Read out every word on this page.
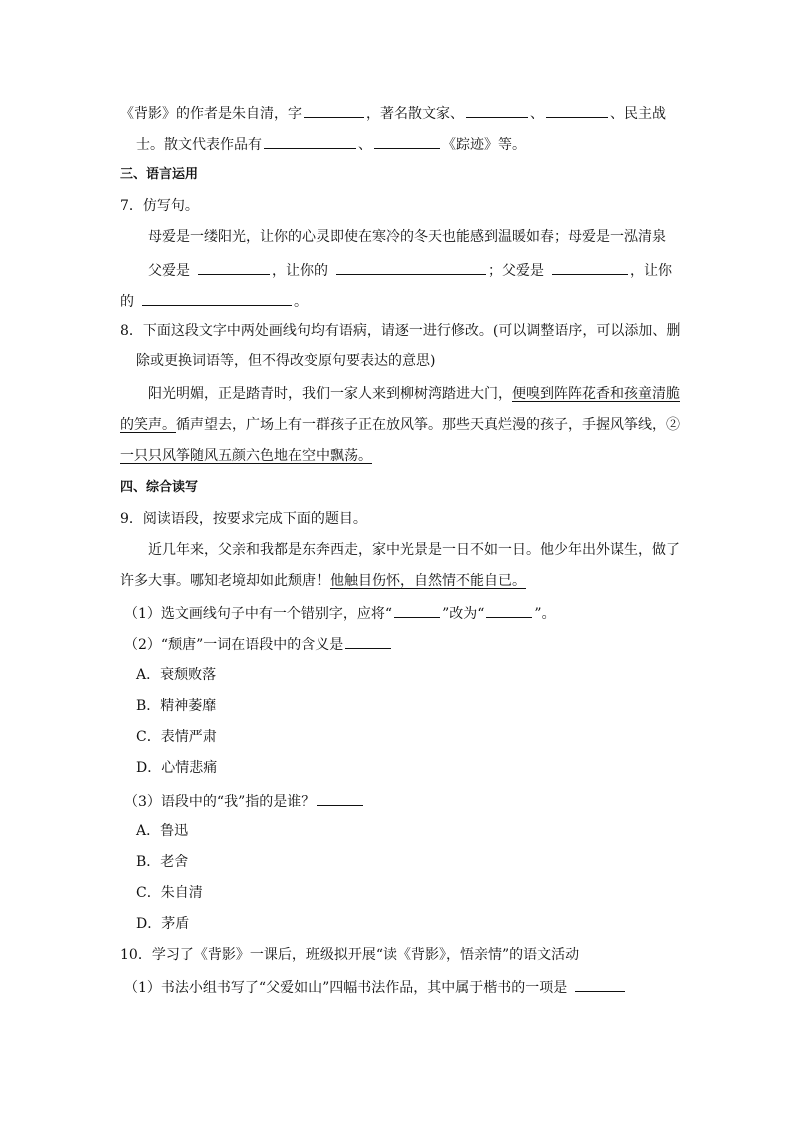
《背影》的作者是朱自清，字	，著名散文家、	、	、民主战
士。散文代表作品有	、	《踪迹》等。
三、语言运用
7．仿写句。
母爱是一缕阳光，让你的心灵即使在寒冷的冬天也能感到温暖如春；母爱是一泓清泉
父爱是	，让你的	；父爱是	，让你
的	。
8．下面这段文字中两处画线句均有语病，请逐一进行修改。(可以调整语序，可以添加、删
除或更换词语等，但不得改变原句要表达的意思)
阳光明媚，正是踏青时，我们一家人来到柳树湾踏进大门，便嗅到阵阵花香和孩童清脆
的笑声。循声望去，广场上有一群孩子正在放风筝。那些天真烂漫的孩子，手握风筝线，②
一只只风筝随风五颜六色地在空中飘荡。
四、综合读写
9．阅读语段，按要求完成下面的题目。
近几年来，父亲和我都是东奔西走，家中光景是一日不如一日。他少年出外谋生，做了
许多大事。哪知老境却如此颓唐！他触目伤怀，自然情不能自已。
（1）选文画线句子中有一个错别字，应将“	”改为“	”。
（2）“颓唐”一词在语段中的含义是
A．衰颓败落
B．精神萎靡
C．表情严肃
D．心情悲痛
（3）语段中的“我”指的是谁？
A．鲁迅
B．老舍
C．朱自清
D．茅盾
10．学习了《背影》一课后，班级拟开展“读《背影》，悟亲情”的语文活动
（1）书法小组书写了“父爱如山”四幅书法作品，其中属于楷书的一项是
